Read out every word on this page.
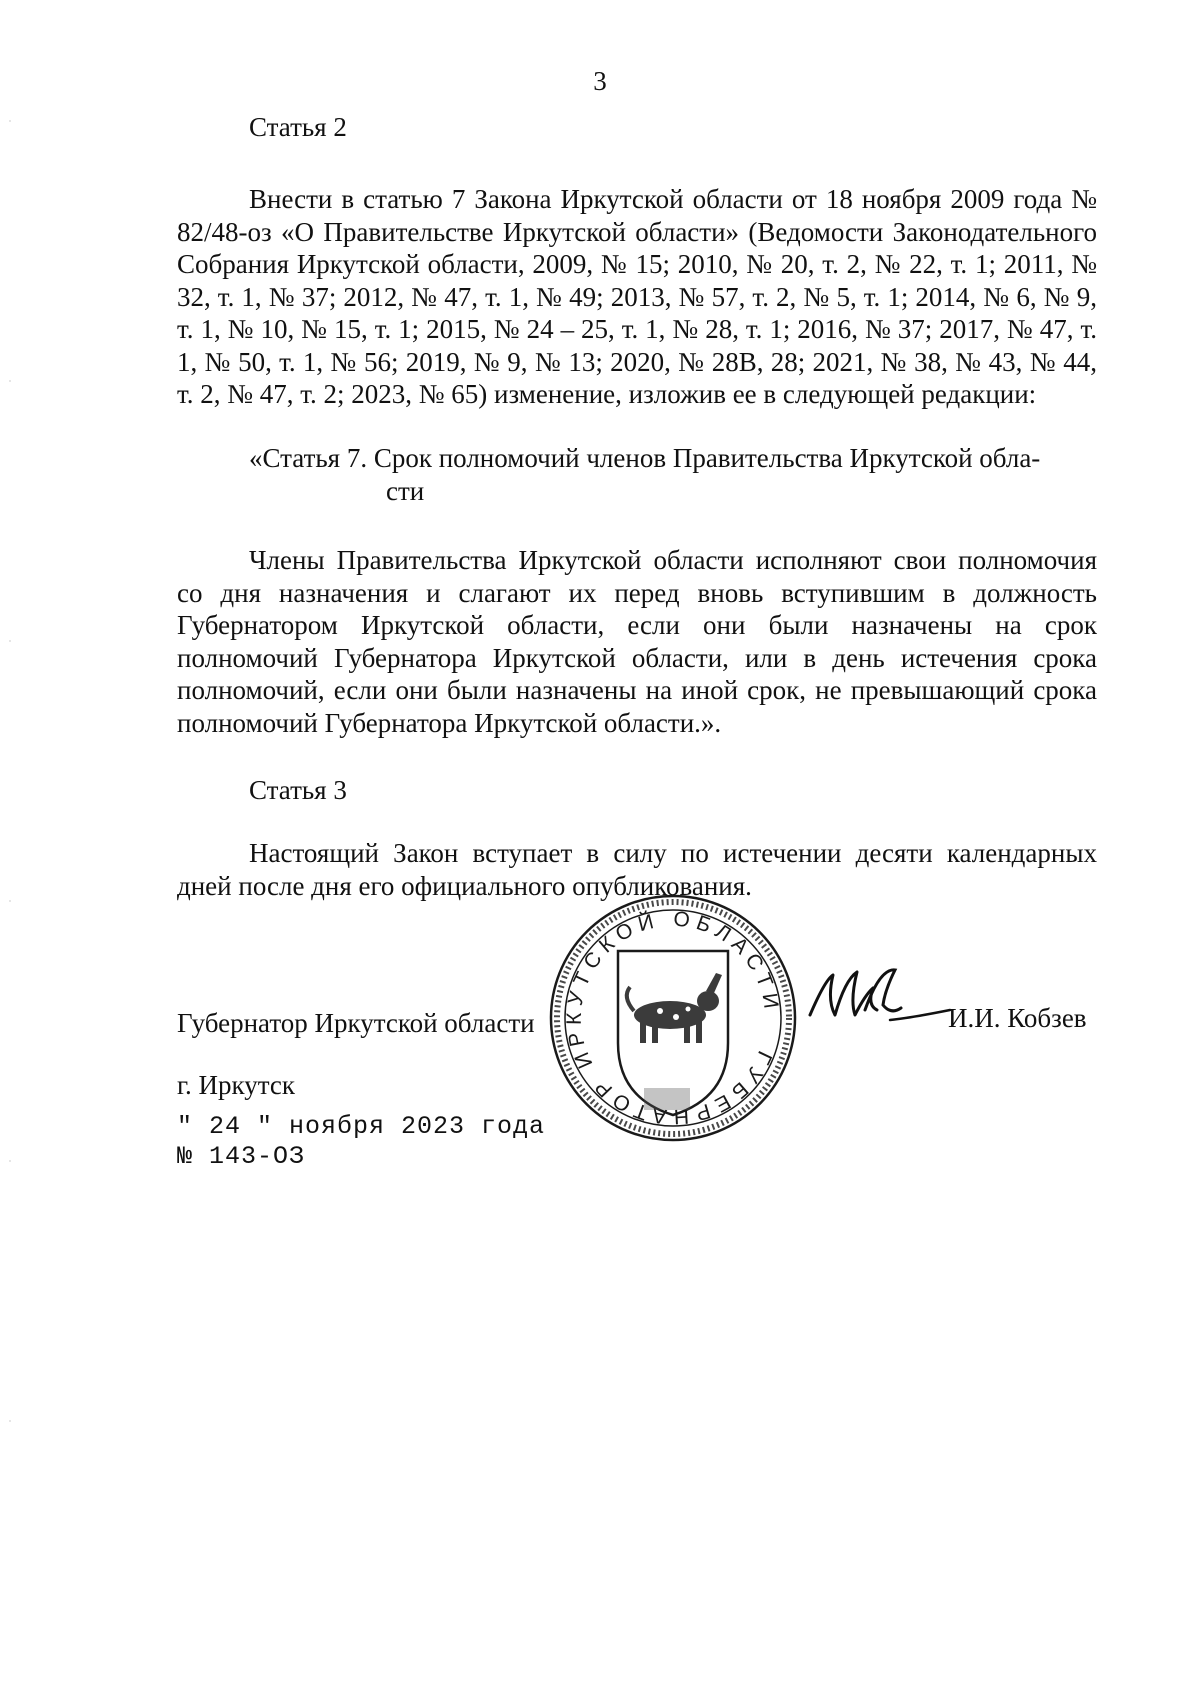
3
Статья 2
Внести в статью 7 Закона Иркутской области от 18 ноября 2009 года № 82/48-оз «О Правительстве Иркутской области» (Ведомости Законодательного Собрания Иркутской области, 2009, № 15; 2010, № 20, т. 2, № 22, т. 1; 2011, № 32, т. 1, № 37; 2012, № 47, т. 1, № 49; 2013, № 57, т. 2, № 5, т. 1; 2014, № 6, № 9, т. 1, № 10, № 15, т. 1; 2015, № 24 – 25, т. 1, № 28, т. 1; 2016, № 37; 2017, № 47, т. 1, № 50, т. 1, № 56; 2019, № 9, № 13; 2020, № 28В, 28; 2021, № 38, № 43, № 44, т. 2, № 47, т. 2; 2023, № 65) изменение, изложив ее в следующей редакции:
«Статья 7. Срок полномочий членов Правительства Иркутской обла-
сти
Члены Правительства Иркутской области исполняют свои полномочия со дня назначения и слагают их перед вновь вступившим в должность Губернатором Иркутской области, если они были назначены на срок полномочий Губернатора Иркутской области, или в день истечения срока полномочий, если они были назначены на иной срок, не превышающий срока полномочий Губернатора Иркутской области.».
Статья 3
Настоящий Закон вступает в силу по истечении десяти календарных дней после дня его официального опубликования.
ГУБЕРНАТОР ИРКУТСКОЙ ОБЛАСТИ
Губернатор Иркутской области	И.И. Кобзев
г. Иркутск
" 24 " ноября 2023 года
№ 143-ОЗ
